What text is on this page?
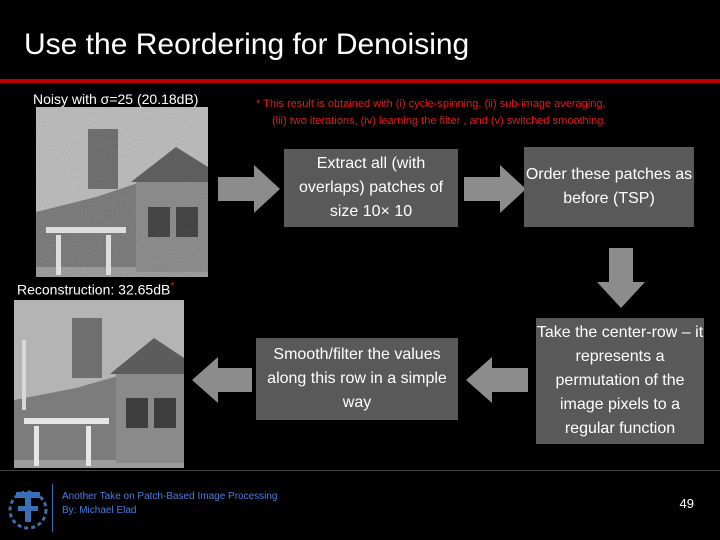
Use the Reordering for Denoising
Noisy with σ=25 (20.18dB)	* This result is obtained with (i) cycle-spinning, (ii) sub-image averaging,
(iii) two iterations, (iv) learning the filter , and (v) switched smoothing.
Extract all (with overlaps) patches of size 10× 10
Order these patches as before (TSP)
Reconstruction: 32.65dB*
Smooth/filter the values along this row in a simple way
Take the center-row – it represents a permutation of the image pixels to a regular function
Another Take on Patch-Based Image Processing
By: Michael Elad	49
